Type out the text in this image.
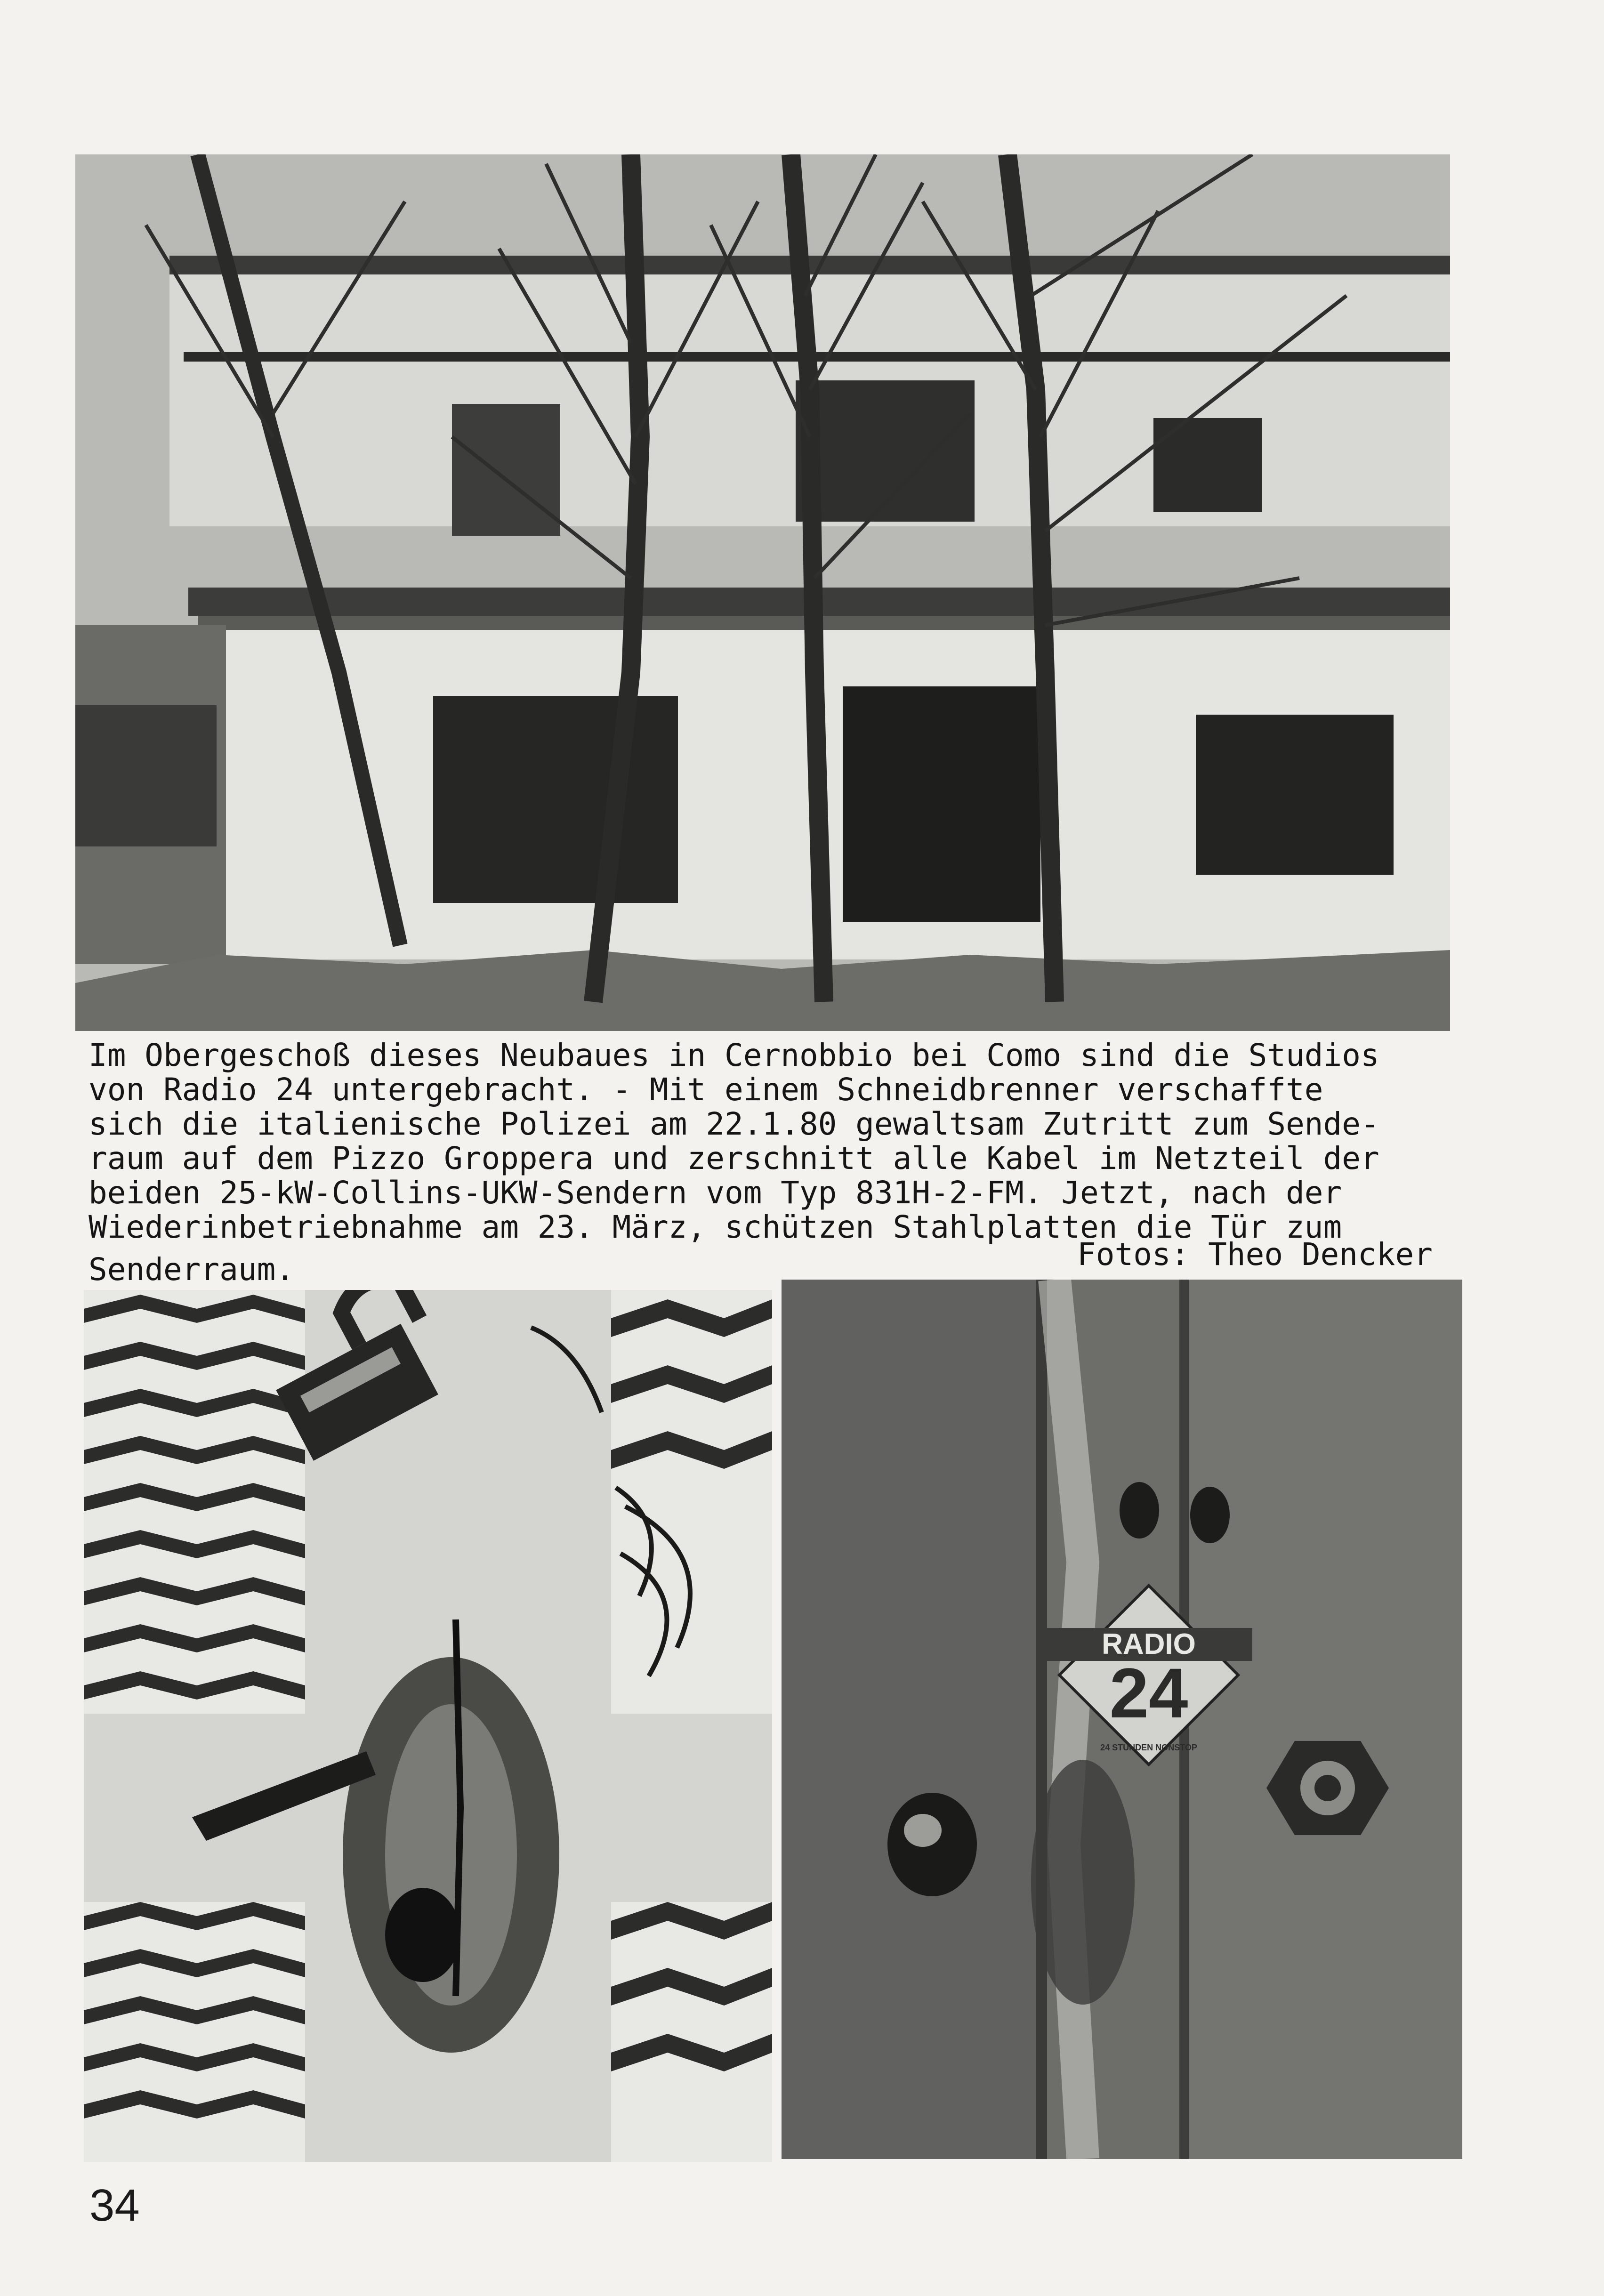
Im Obergeschoß dieses Neubaues in Cernobbio bei Como sind die Studios
von Radio 24 untergebracht. - Mit einem Schneidbrenner verschaffte
sich die italienische Polizei am 22.1.80 gewaltsam Zutritt zum Sende-
raum auf dem Pizzo Groppera und zerschnitt alle Kabel im Netzteil der
beiden 25-kW-Collins-UKW-Sendern vom Typ 831H-2-FM. Jetzt, nach der
Wiederinbetriebnahme am 23. März, schützen Stahlplatten die Tür zum
Senderraum.	Fotos: Theo Dencker
RADIO
24
24 STUNDEN NONSTOP
34
